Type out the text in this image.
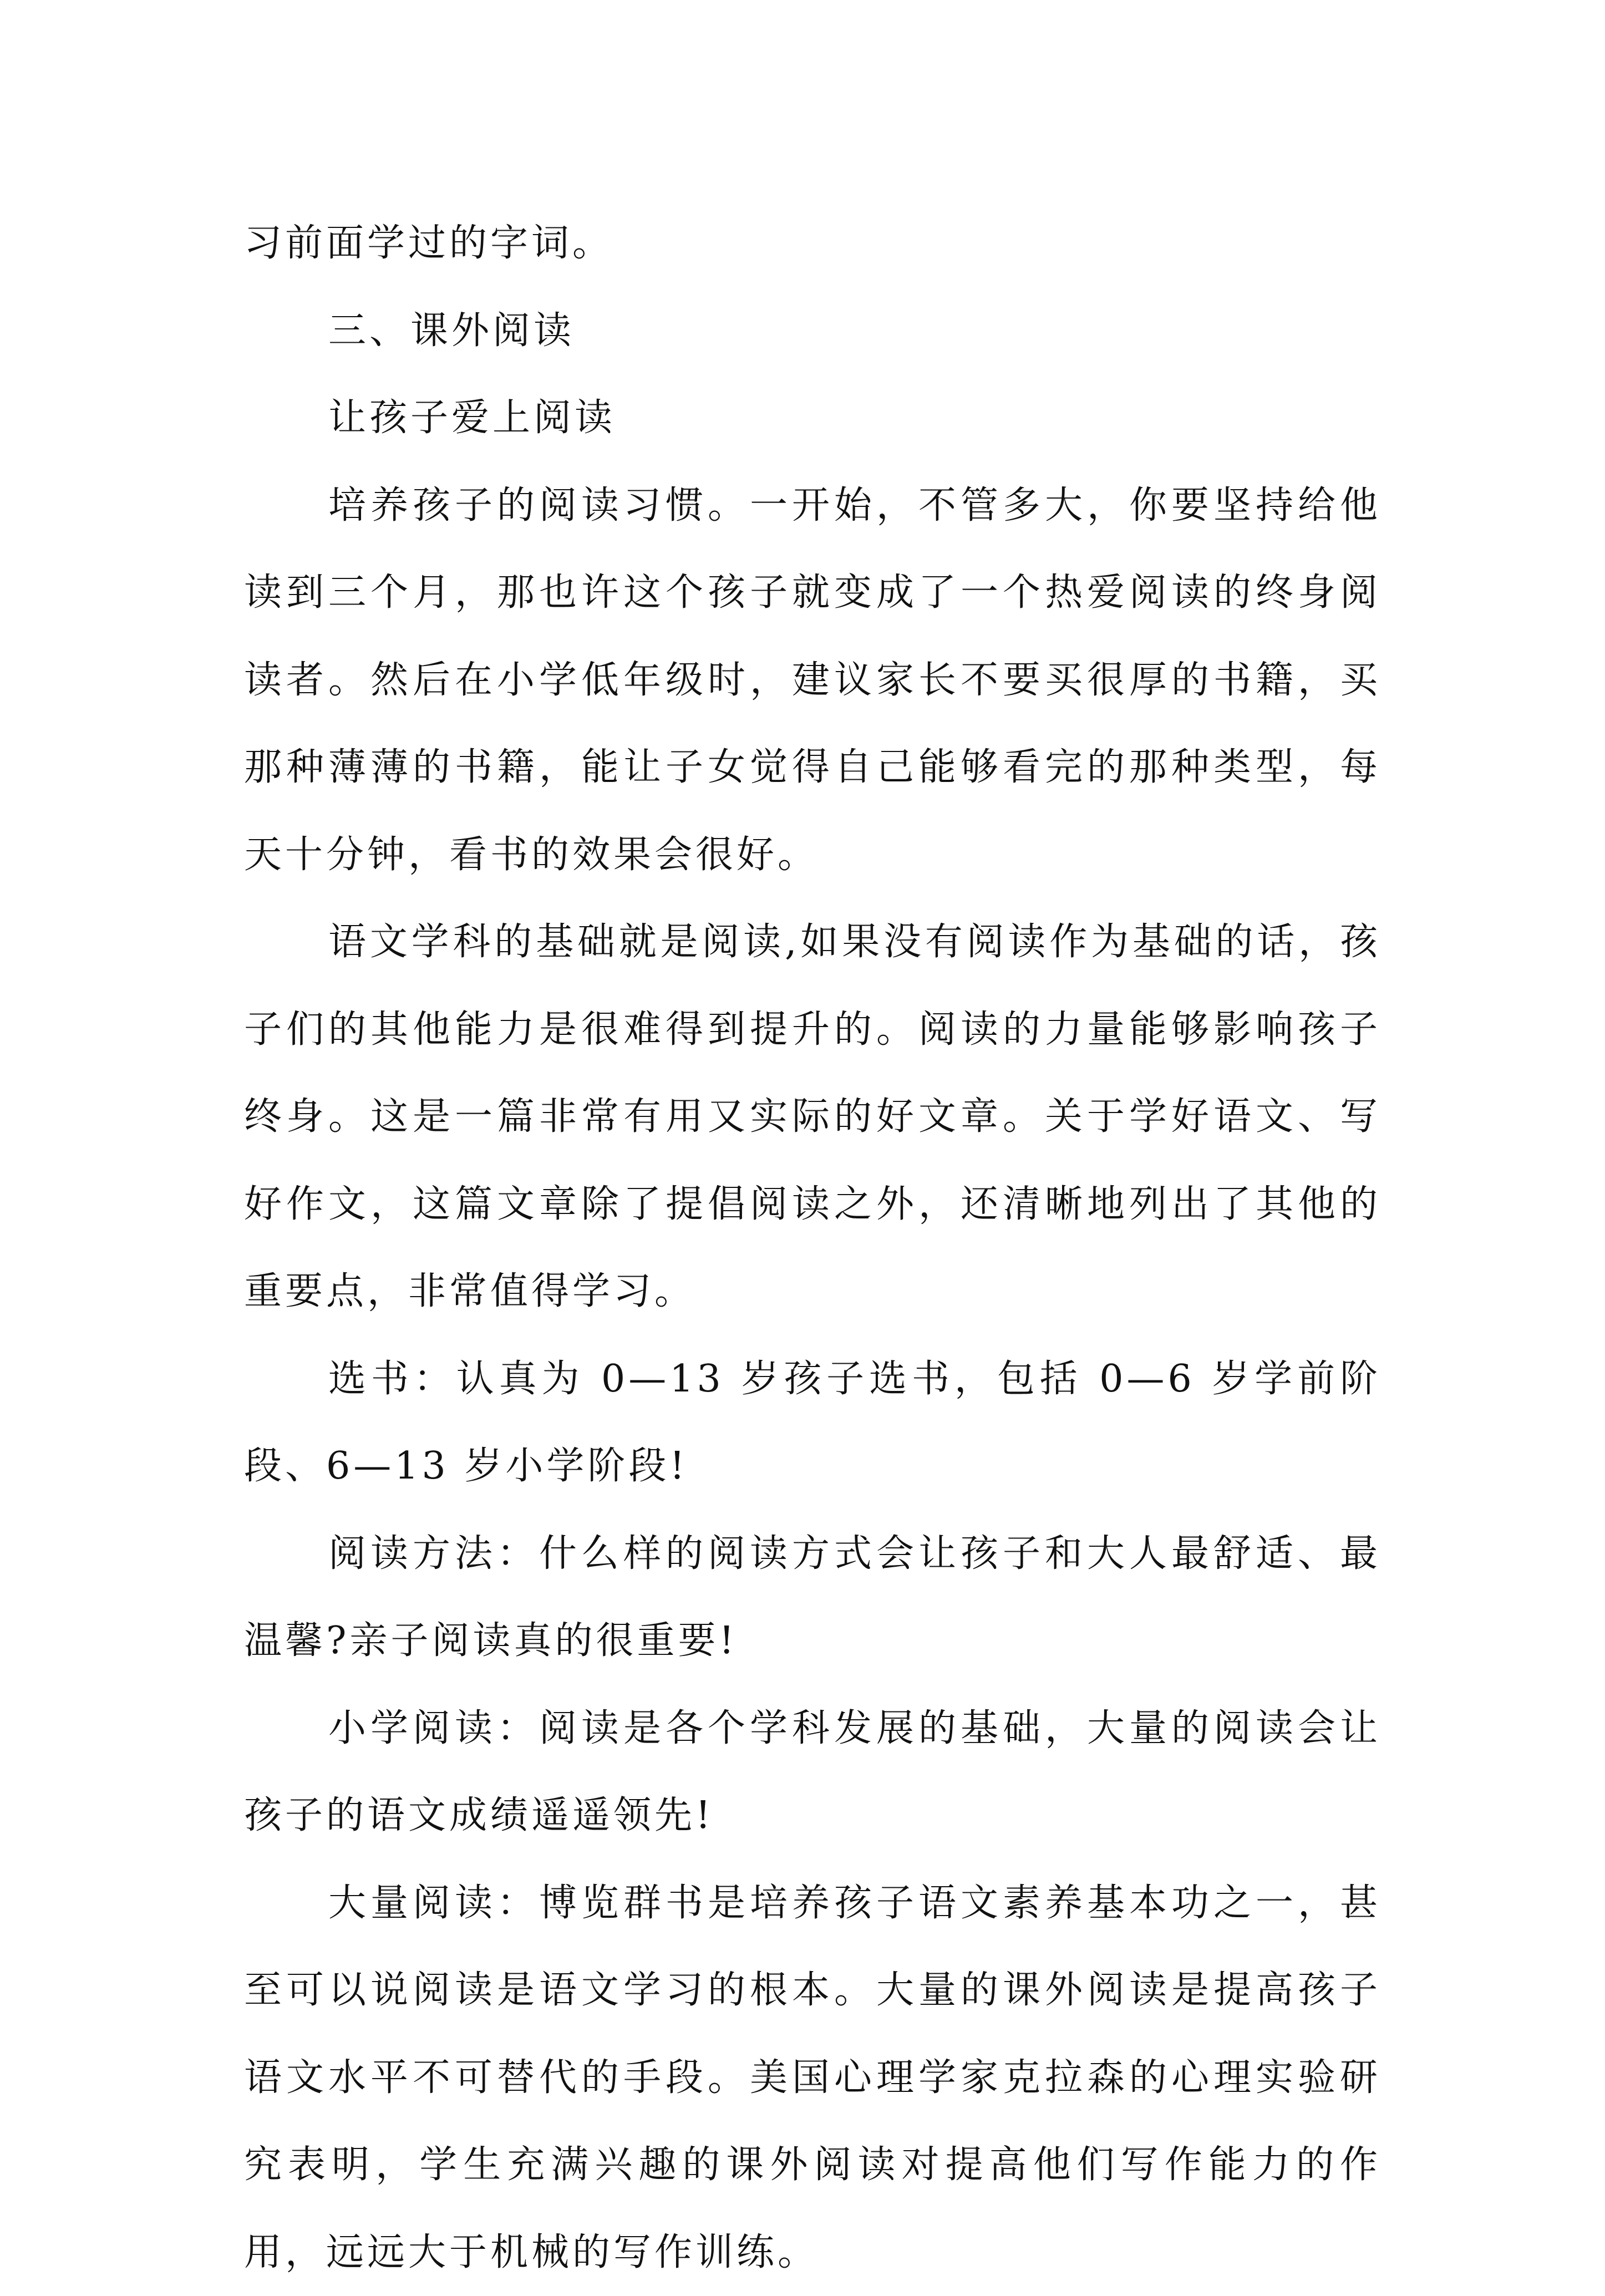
习前面学过的字词。

三、课外阅读

让孩子爱上阅读

培养孩子的阅读习惯。一开始，不管多大，你要坚持给他读到三个月，那也许这个孩子就变成了一个热爱阅读的终身阅读者。然后在小学低年级时，建议家长不要买很厚的书籍，买那种薄薄的书籍，能让子女觉得自己能够看完的那种类型，每天十分钟，看书的效果会很好。

语文学科的基础就是阅读,如果没有阅读作为基础的话，孩子们的其他能力是很难得到提升的。阅读的力量能够影响孩子终身。这是一篇非常有用又实际的好文章。关于学好语文、写好作文，这篇文章除了提倡阅读之外，还清晰地列出了其他的重要点，非常值得学习。

选书：认真为 0—13 岁孩子选书，包括 0—6 岁学前阶段、6—13 岁小学阶段!

阅读方法：什么样的阅读方式会让孩子和大人最舒适、最温馨?亲子阅读真的很重要!

小学阅读：阅读是各个学科发展的基础，大量的阅读会让孩子的语文成绩遥遥领先!

大量阅读：博览群书是培养孩子语文素养基本功之一，甚至可以说阅读是语文学习的根本。大量的课外阅读是提高孩子语文水平不可替代的手段。美国心理学家克拉森的心理实验研究表明，学生充满兴趣的课外阅读对提高他们写作能力的作用，远远大于机械的写作训练。
